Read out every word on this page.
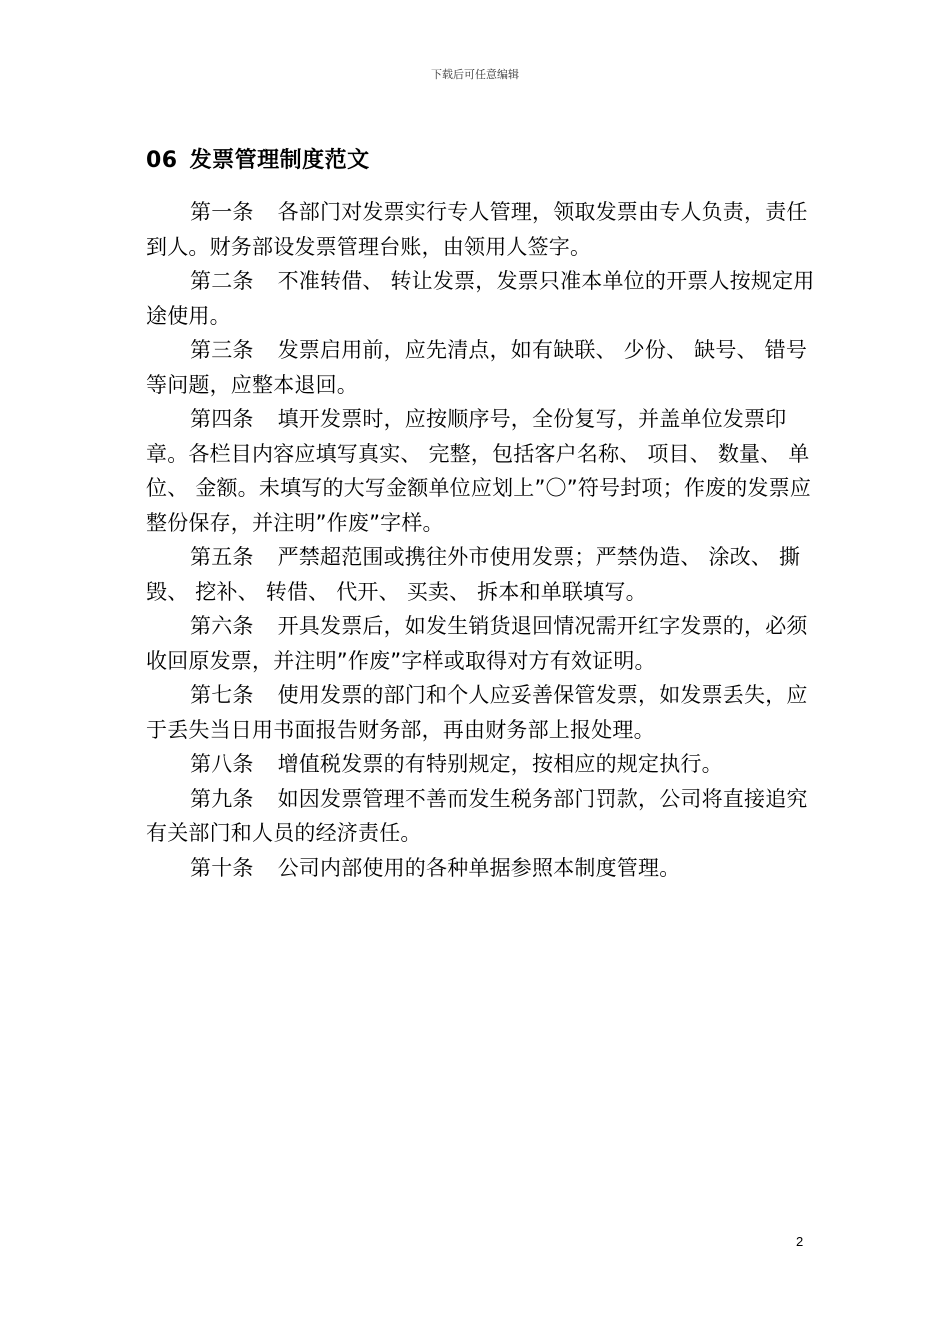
下载后可任意编辑
06 发票管理制度范文

第一条 各部门对发票实行专人管理，领取发票由专人负责，责任到人。财务部设发票管理台账，由领用人签字。

第二条 不准转借、 转让发票，发票只准本单位的开票人按规定用途使用。

第三条 发票启用前，应先清点，如有缺联、 少份、 缺号、 错号等问题，应整本退回。

第四条 填开发票时，应按顺序号，全份复写，并盖单位发票印章。各栏目内容应填写真实、 完整，包括客户名称、 项目、 数量、 单位、 金额。未填写的大写金额单位应划上”〇”符号封项；作废的发票应整份保存，并注明”作废”字样。

第五条 严禁超范围或携往外市使用发票；严禁伪造、 涂改、 撕毁、 挖补、 转借、 代开、 买卖、 拆本和单联填写。

第六条 开具发票后，如发生销货退回情况需开红字发票的，必须收回原发票，并注明”作废”字样或取得对方有效证明。

第七条 使用发票的部门和个人应妥善保管发票，如发票丢失，应于丢失当日用书面报告财务部，再由财务部上报处理。

第八条 增值税发票的有特别规定，按相应的规定执行。

第九条 如因发票管理不善而发生税务部门罚款，公司将直接追究有关部门和人员的经济责任。

第十条 公司内部使用的各种单据参照本制度管理。

2
